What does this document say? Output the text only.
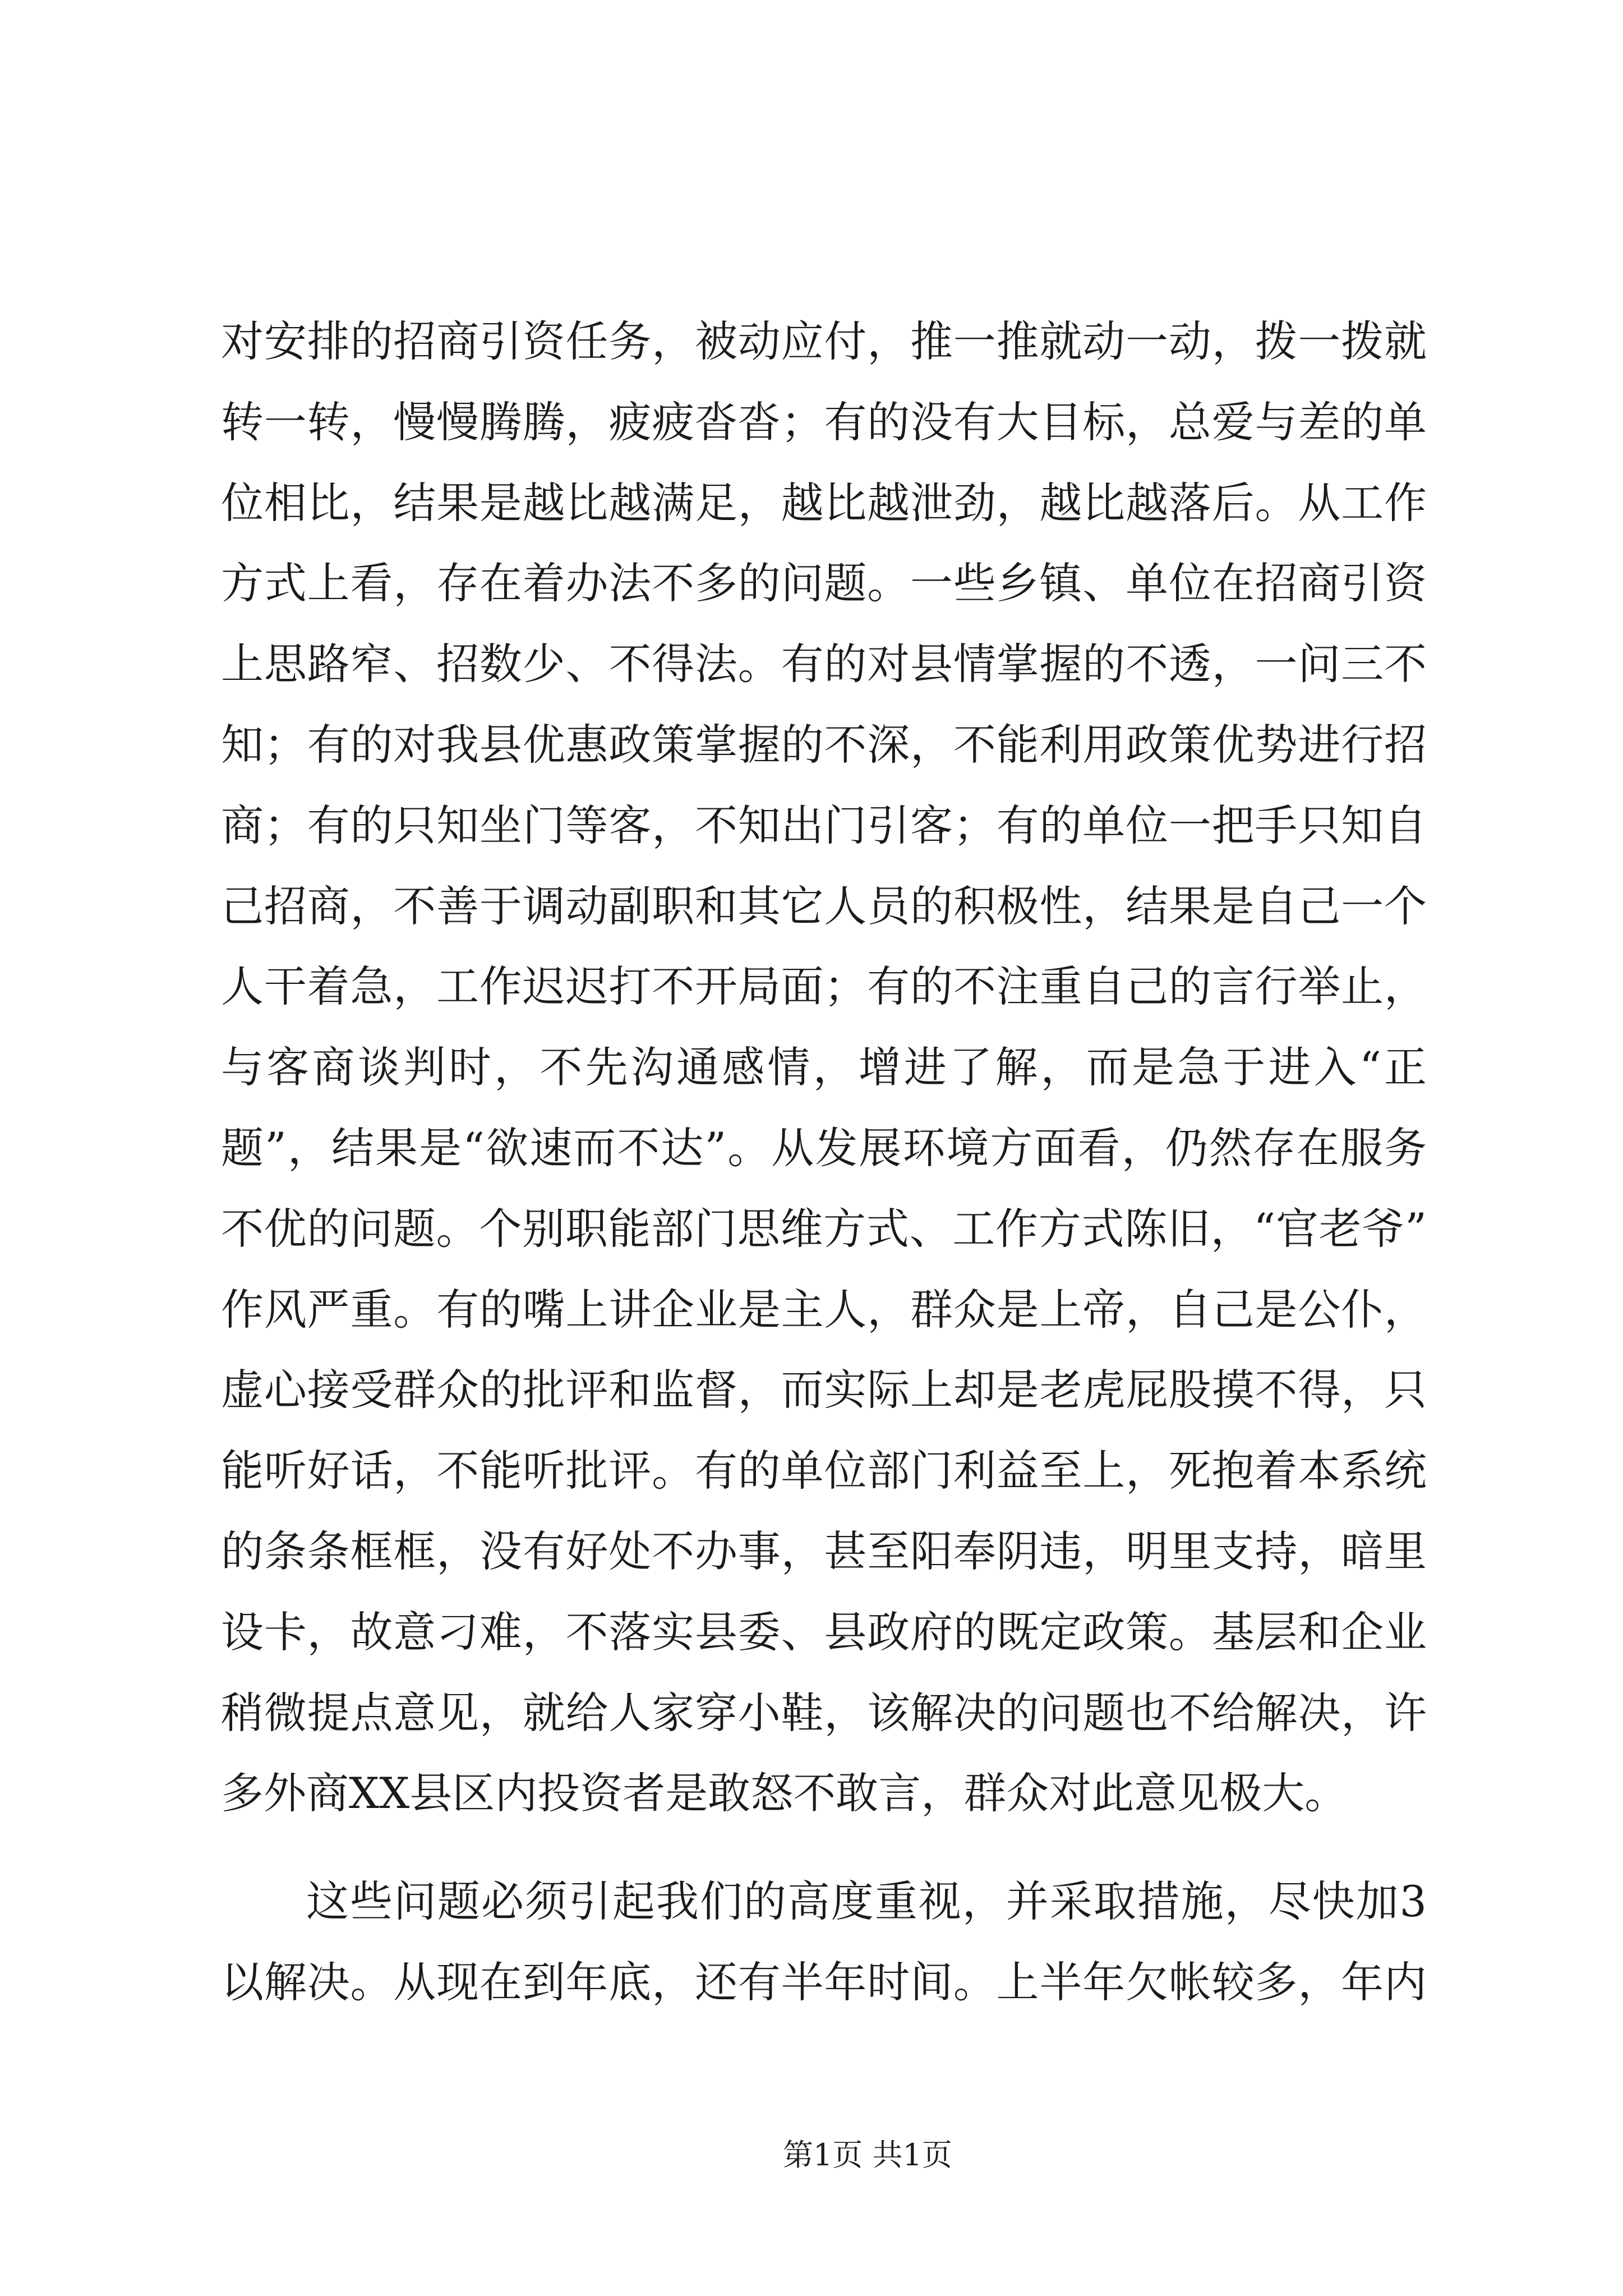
对安排的招商引资任务，被动应付，推一推就动一动，拨一拨就
转一转，慢慢腾腾，疲疲沓沓；有的没有大目标，总爱与差的单
位相比，结果是越比越满足，越比越泄劲，越比越落后。从工作
方式上看，存在着办法不多的问题。一些乡镇、单位在招商引资
上思路窄、招数少、不得法。有的对县情掌握的不透，一问三不
知；有的对我县优惠政策掌握的不深，不能利用政策优势进行招
商；有的只知坐门等客，不知出门引客；有的单位一把手只知自
己招商，不善于调动副职和其它人员的积极性，结果是自己一个
人干着急，工作迟迟打不开局面；有的不注重自己的言行举止，
与客商谈判时，不先沟通感情，增进了解，而是急于进入“正
题”，结果是“欲速而不达”。从发展环境方面看，仍然存在服务
不优的问题。个别职能部门思维方式、工作方式陈旧，“官老爷”
作风严重。有的嘴上讲企业是主人，群众是上帝，自己是公仆，
虚心接受群众的批评和监督，而实际上却是老虎屁股摸不得，只
能听好话，不能听批评。有的单位部门利益至上，死抱着本系统
的条条框框，没有好处不办事，甚至阳奉阴违，明里支持，暗里
设卡，故意刁难，不落实县委、县政府的既定政策。基层和企业
稍微提点意见，就给人家穿小鞋，该解决的问题也不给解决，许
多外商XX县区内投资者是敢怒不敢言，群众对此意见极大。
这些问题必须引起我们的高度重视，并采取措施，尽快加3
以解决。从现在到年底，还有半年时间。上半年欠帐较多，年内
第1页 共1页
